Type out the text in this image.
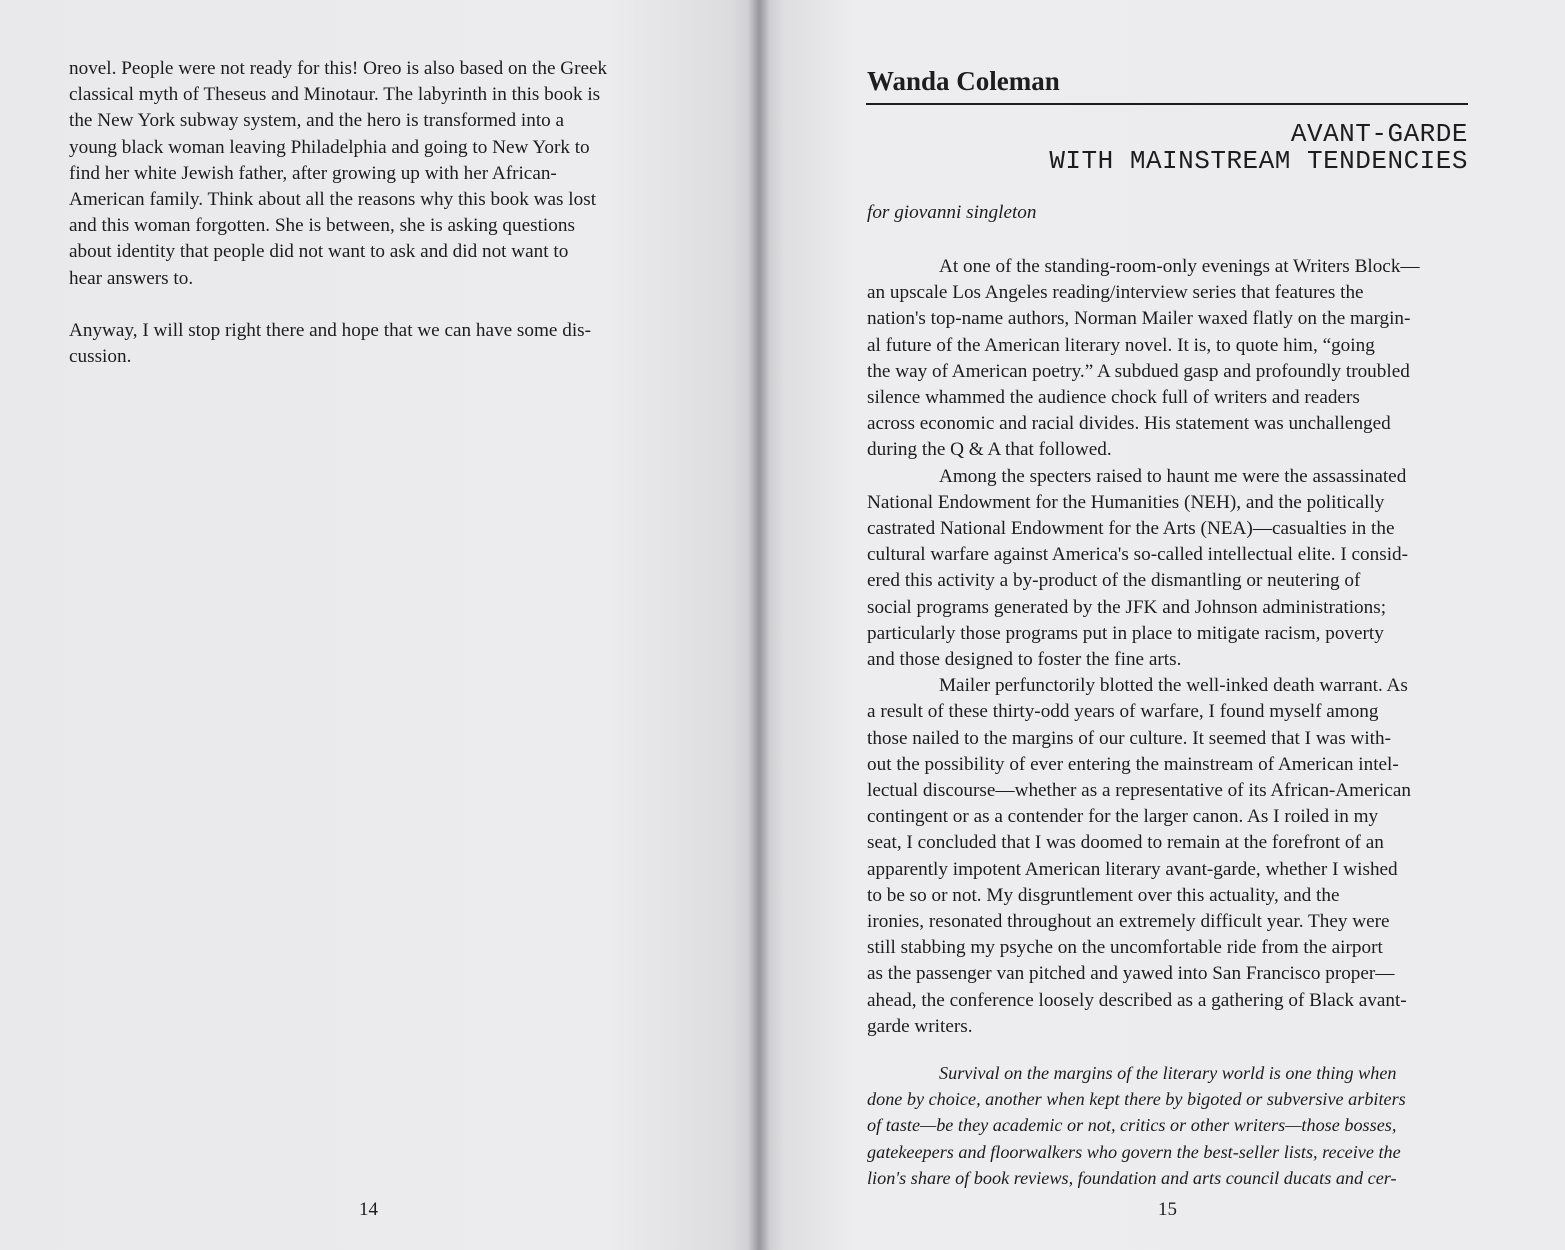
novel. People were not ready for this! Oreo is also based on the Greek
classical myth of Theseus and Minotaur. The labyrinth in this book is
the New York subway system, and the hero is transformed into a
young black woman leaving Philadelphia and going to New York to
find her white Jewish father, after growing up with her African-
American family. Think about all the reasons why this book was lost
and this woman forgotten. She is between, she is asking questions
about identity that people did not want to ask and did not want to
hear answers to.

Anyway, I will stop right there and hope that we can have some dis-
cussion.

14
Wanda Coleman
AVANT-GARDE
WITH MAINSTREAM TENDENCIES
for giovanni singleton

At one of the standing-room-only evenings at Writers Block—
an upscale Los Angeles reading/interview series that features the
nation's top-name authors, Norman Mailer waxed flatly on the margin-
al future of the American literary novel. It is, to quote him, “going
the way of American poetry.” A subdued gasp and profoundly troubled
silence whammed the audience chock full of writers and readers
across economic and racial divides. His statement was unchallenged
during the Q & A that followed.

Among the specters raised to haunt me were the assassinated
National Endowment for the Humanities (NEH), and the politically
castrated National Endowment for the Arts (NEA)—casualties in the
cultural warfare against America's so-called intellectual elite. I consid-
ered this activity a by-product of the dismantling or neutering of
social programs generated by the JFK and Johnson administrations;
particularly those programs put in place to mitigate racism, poverty
and those designed to foster the fine arts.

Mailer perfunctorily blotted the well-inked death warrant. As
a result of these thirty-odd years of warfare, I found myself among
those nailed to the margins of our culture. It seemed that I was with-
out the possibility of ever entering the mainstream of American intel-
lectual discourse—whether as a representative of its African-American
contingent or as a contender for the larger canon. As I roiled in my
seat, I concluded that I was doomed to remain at the forefront of an
apparently impotent American literary avant-garde, whether I wished
to be so or not. My disgruntlement over this actuality, and the
ironies, resonated throughout an extremely difficult year. They were
still stabbing my psyche on the uncomfortable ride from the airport
as the passenger van pitched and yawed into San Francisco proper—
ahead, the conference loosely described as a gathering of Black avant-
garde writers.

Survival on the margins of the literary world is one thing when
done by choice, another when kept there by bigoted or subversive arbiters
of taste—be they academic or not, critics or other writers—those bosses,
gatekeepers and floorwalkers who govern the best-seller lists, receive the
lion's share of book reviews, foundation and arts council ducats and cer-
15
